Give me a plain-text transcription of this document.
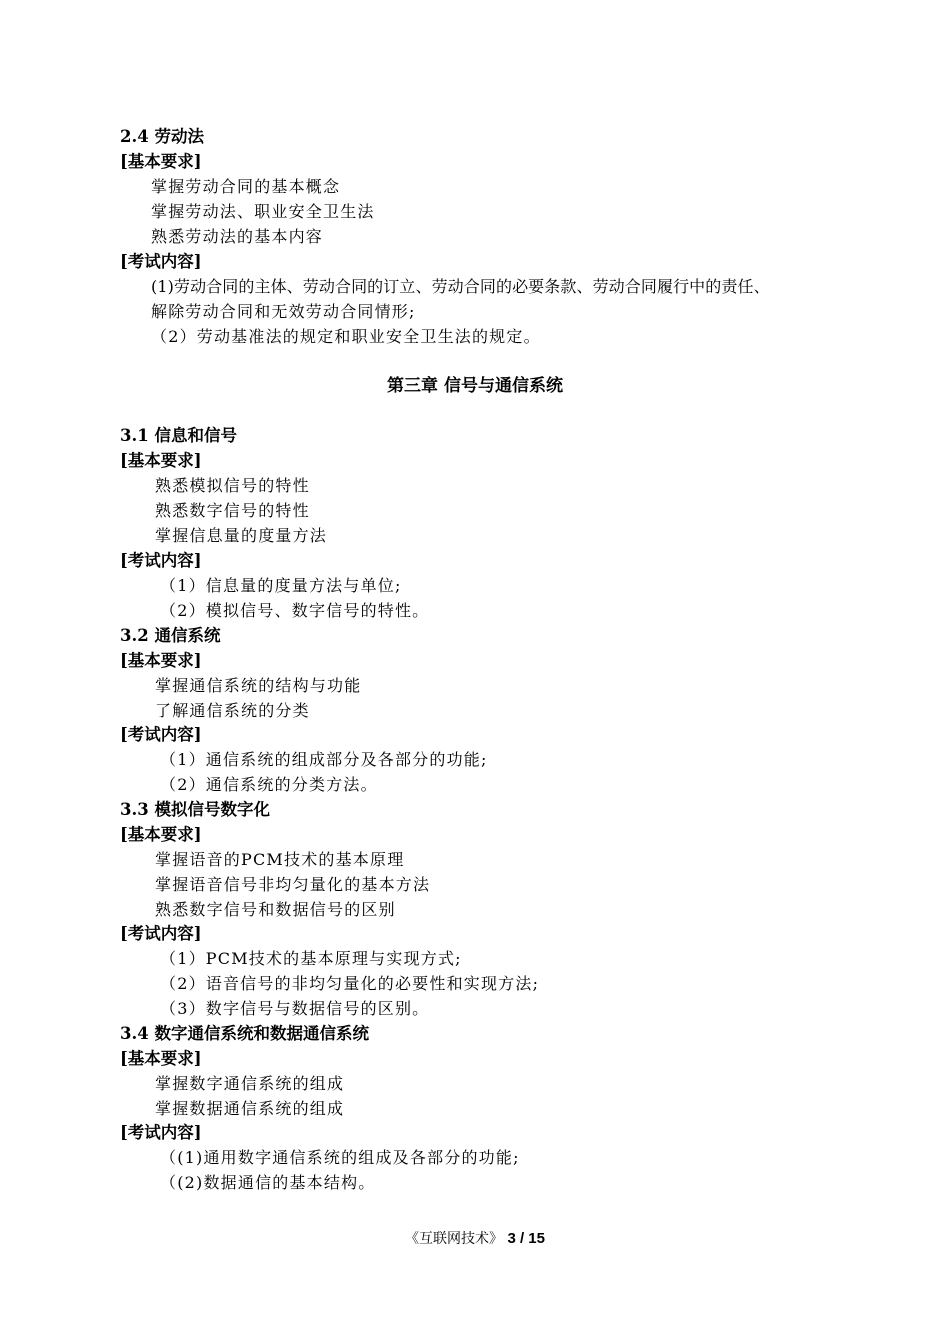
2.4 劳动法
[基本要求]
掌握劳动合同的基本概念
掌握劳动法、职业安全卫生法
熟悉劳动法的基本内容
[考试内容]
(1)劳动合同的主体、劳动合同的订立、劳动合同的必要条款、劳动合同履行中的责任、
解除劳动合同和无效劳动合同情形;
（2）劳动基准法的规定和职业安全卫生法的规定。
第三章 信号与通信系统
3.1 信息和信号
[基本要求]
熟悉模拟信号的特性
熟悉数字信号的特性
掌握信息量的度量方法
[考试内容]
（1）信息量的度量方法与单位;
（2）模拟信号、数字信号的特性。
3.2 通信系统
[基本要求]
掌握通信系统的结构与功能
了解通信系统的分类
[考试内容]
（1）通信系统的组成部分及各部分的功能;
（2）通信系统的分类方法。
3.3 模拟信号数字化
[基本要求]
掌握语音的PCM技术的基本原理
掌握语音信号非均匀量化的基本方法
熟悉数字信号和数据信号的区别
[考试内容]
（1）PCM技术的基本原理与实现方式;
（2）语音信号的非均匀量化的必要性和实现方法;
（3）数字信号与数据信号的区别。
3.4 数字通信系统和数据通信系统
[基本要求]
掌握数字通信系统的组成
掌握数据通信系统的组成
[考试内容]
（(1)通用数字通信系统的组成及各部分的功能;
（(2)数据通信的基本结构。
《互联网技术》 3 / 15
